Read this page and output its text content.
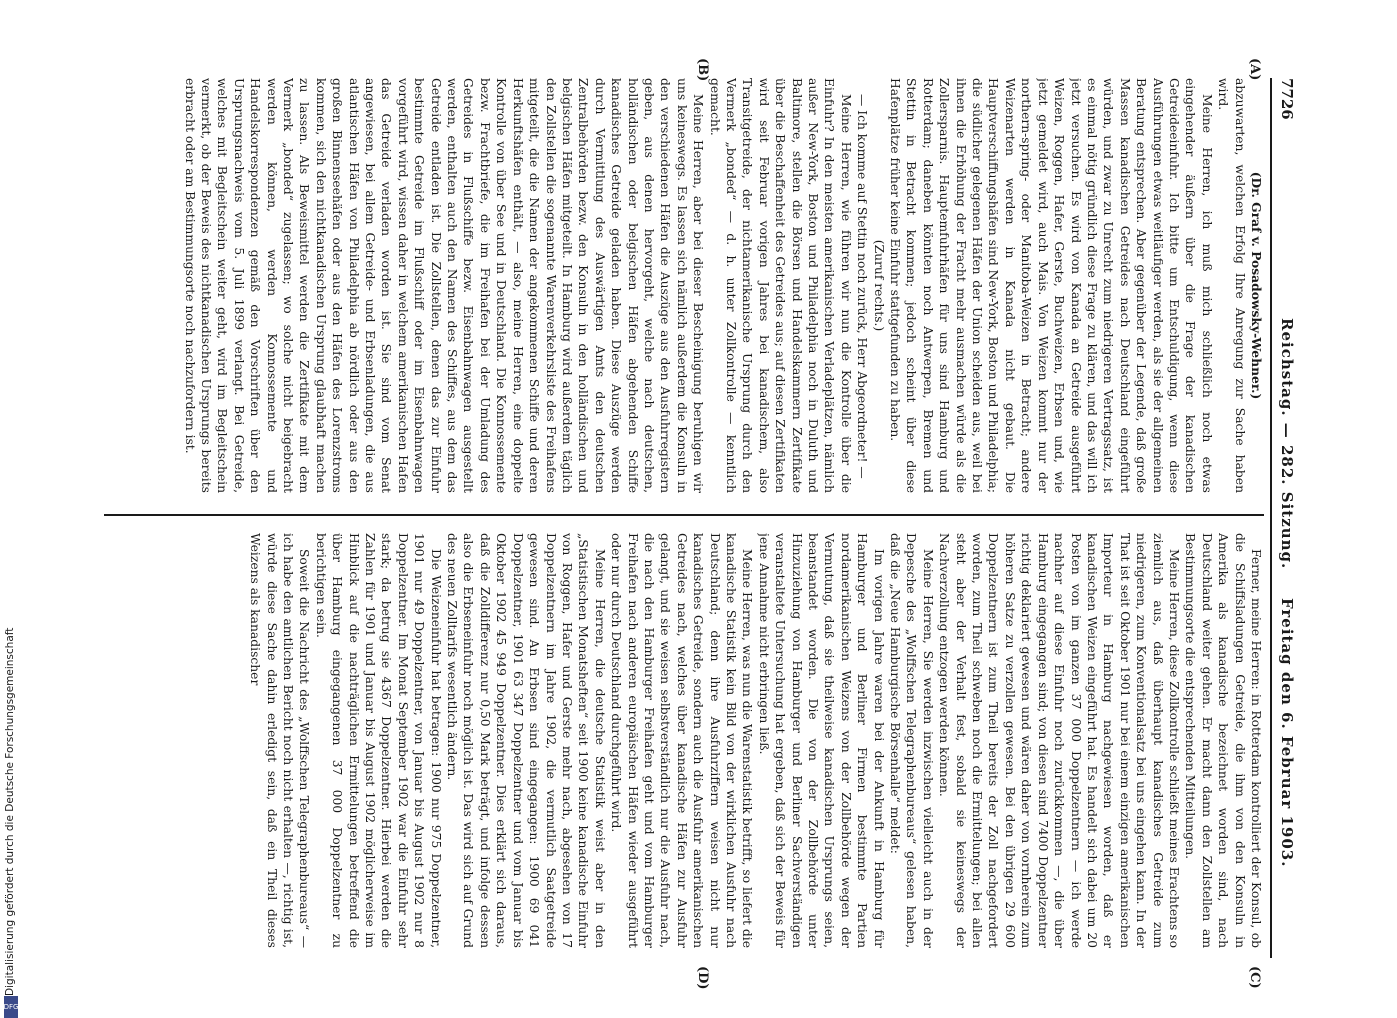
7726
Reichstag. — 282. Sitzung.
Freitag den 6. Februar 1903.
(A)
(B)
(C)
(D)

(Dr. Graf v. Posadowsky-Wehner.)

abzuwarten, welchen Erfolg Ihre Anregung zur Sache haben wird.

Meine Herren, ich muß mich schließlich noch etwas eingehender äußern über die Frage der kanadischen Getreideeinfuhr. Ich bitte um Entschuldigung, wenn diese Ausführungen etwas weitläufiger werden, als sie der allgemeinen Beratung entsprechen. Aber gegenüber der Legende, daß große Massen kanadischen Getreides nach Deutschland eingeführt würden, und zwar zu Unrecht zum niedrigeren Vertragssatz, ist es einmal nötig gründlich diese Frage zu klären, und das will ich jetzt versuchen. Es wird von Kanada an Getreide ausgeführt Weizen, Roggen, Hafer, Gerste, Buchweizen, Erbsen und, wie jetzt gemeldet wird, auch Mais. Von Weizen kommt nur der northern-spring- oder Manitoba-Weizen in Betracht; andere Weizenarten werden in Kanada nicht gebaut. Die Hauptverschiffungshäfen sind New-York, Boston und Philadelphia; die südlicher gelegenen Häfen der Union scheiden aus, weil bei ihnen die Erhöhung der Fracht mehr ausmachen würde als die Zollersparnis. Hauptemfuhrhäfen für uns sind Hamburg und Rotterdam; daneben könnten noch Antwerpen, Bremen und Stettin in Betracht kommen; jedoch scheint über diese Hafenplätze früher keine Einfuhr stattgefunden zu haben.

(Zuruf rechts.)

— Ich komme auf Stettin noch zurück, Herr Abgeordneter! —

Meine Herren, wie führen wir nun die Kontrolle über die Einfuhr? In den meisten amerikanischen Verladeplätzen, nämlich außer New-York, Boston und Philadelphia noch in Duluth und Baltimore, stellen die Börsen und Handelskammern Zertifikate über die Beschaffenheit des Getreides aus; auf diesen Zertifikaten wird seit Februar vorigen Jahres bei kanadischem, also Transitgetreide, der nichtamerikanische Ursprung durch den Vermerk „bonded“ — d. h. unter Zollkontrolle — kenntlich gemacht.

Meine Herren, aber bei dieser Bescheinigung beruhigen wir uns keineswegs. Es lassen sich nämlich außerdem die Konsuln in den verschiedenen Häfen die Auszüge aus den Ausfuhrregistern geben, aus denen hervorgeht, welche nach deutschen, holländischen oder belgischen Häfen abgehenden Schiffe kanadisches Getreide geladen haben. Diese Auszüge werden durch Vermittlung des Auswärtigen Amts den deutschen Zentralbehörden bezw. den Konsuln in den holländischen und belgischen Häfen mitgeteilt. In Hamburg wird außerdem täglich den Zollstellen die sogenannte Warenverkehrsliste des Freihafens mitgeteilt, die die Namen der angekommenen Schiffe und deren Herkunftshäfen enthält, — also, meine Herren, eine doppelte Kontrolle von über See und in Deutschland. Die Konnossemente bezw. Frachtbriefe, die im Freihafen bei der Umladung des Getreides in Flußschiffe bezw. Eisenbahnwagen ausgestellt werden, enthalten auch den Namen des Schiffes, aus dem das Getreide entladen ist. Die Zollstellen, denen das zur Einfuhr bestimmte Getreide im Flußschiff oder im Eisenbahnwagen vorgeführt wird, wissen daher in welchem amerikanischen Hafen das Getreide verladen worden ist. Sie sind vom Senat angewiesen, bei allem Getreide- und Erbsenladungen, die aus atlantischen Häfen von Philadelphia ab nördlich oder aus den großen Binnenseehäfen oder aus den Häfen des Lorenzstroms kommen, sich den nichtkanadischen Ursprung glaubhaft machen zu lassen. Als Beweismittel werden die Zertifikate mit dem Vermerk „bonded“ zugelassen; wo solche nicht beigebracht werden können, werden Konnossemente und Handelskorrespondenzen gemäß den Vorschriften über den Ursprungsnachweis vom 5. Juli 1899 verlangt. Bei Getreide, welches mit Begleitschein weiter geht, wird im Begleitschein vermerkt, ob der Beweis des nichtkanadischen Ursprungs bereits erbracht oder am Bestimmungsorte noch nachzufordern ist.

Ferner, meine Herren: in Rotterdam kontrolliert der Konsul, ob die Schiffsladungen Getreide, die ihm von den Konsuln in Amerika als kanadische bezeichnet worden sind, nach Deutschland weiter gehen. Er macht dann den Zollstellen am Bestimmungsorte die entsprechenden Mitteilungen.

Meine Herren, diese Zollkontrolle schließt meines Erachtens so ziemlich aus, daß überhaupt kanadisches Getreide zum niedrigeren, zum Konventionalsatz bei uns eingehen kann. In der That ist seit Oktober 1901 nur bei einem einzigen amerikanischen Importeur in Hamburg nachgewiesen worden, daß er kanadischen Weizen eingeführt hat. Es handelt sich dabei um 20 Posten von im ganzen 37 000 Doppelzentnern — ich werde nachher auf diese Einfuhr noch zurückkommen —, die über Hamburg eingegangen sind; von diesen sind 7400 Doppelzentner richtig deklariert gewesen und wären daher von vornherein zum höheren Satze zu verzollen gewesen. Bei den übrigen 29 600 Doppelzentnern ist zum Theil bereits der Zoll nachgefordert worden, zum Theil schweben noch die Ermittelungen; bei allen steht aber der Verhalt fest, sobald sie keineswegs der Nachverzollung entzogen werden können.

Meine Herren, Sie werden inzwischen vielleicht auch in der Depesche des „Wolffschen Telegraphenbureaus“ gelesen haben, daß die „Neue Hamburgische Börsenhalle“ meldet:

Im vorigen Jahre waren bei der Ankunft in Hamburg für Hamburger und Berliner Firmen bestimmte Partien nordamerikanischen Weizens von der Zollbehörde wegen der Vermutung, daß sie theilweise kanadischen Ursprungs seien, beanstandet worden. Die von der Zollbehörde unter Hinzuziehung von Hamburger und Berliner Sachverständigen veranstaltete Untersuchung hat ergeben, daß sich der Beweis für jene Annahme nicht erbringen ließ.

Meine Herren, was nun die Warenstatistik betrifft, so liefert die kanadische Statistik kein Bild von der wirklichen Ausfuhr nach Deutschland; denn ihre Ausfuhrziffern weisen nicht nur kanadisches Getreide, sondern auch die Ausfuhr amerikanischen Getreides nach, welches über kanadische Häfen zur Ausfuhr gelangt, und sie weisen selbstverständlich nur die Ausfuhr nach, die nach den Hamburger Freihafen geht und vom Hamburger Freihafen nach anderen europäischen Häfen wieder ausgeführt oder nur durch Deutschland durchgeführt wird.

Meine Herren, die deutsche Statistik weist aber in den „Statistischen Monatsheften“ seit 1900 keine kanadische Einfuhr von Roggen, Hafer und Gerste mehr nach, abgesehen von 17 Doppelzentnern im Jahre 1902, die vermutlich Saatgetreide gewesen sind. An Erbsen sind eingegangen: 1900 69 041 Doppelzentner, 1901 63 347 Doppelzentner und vom Januar bis Oktober 1902 45 949 Doppelzentner. Dies erklärt sich daraus, daß die Zolldifferenz nur 0,50 Mark beträgt, und infolge dessen also die Erbseneinfuhr noch möglich ist. Das wird sich auf Grund des neuen Zolltarifs wesentlich ändern.

Die Weizeneinfuhr hat betragen: 1900 nur 975 Doppelzentner, 1901 nur 49 Doppelzentner, von Januar bis August 1902 nur 8 Doppelzentner. Im Monat September 1902 war die Einfuhr sehr stark; da betrug sie 4367 Doppelzentner. Hierbei werden die Zahlen für 1901 und Januar bis August 1902 möglicherweise im Hinblick auf die nachträglichen Ermittelungen betreffend die über Hamburg eingegangenen 37 000 Doppelzentner zu berichtigen sein.

Soweit die Nachricht des „Wolffschen Telegraphenbureaus“ — ich habe den amtlichen Bericht noch nicht erhalten —, richtig ist, würde diese Sache dahin erledigt sein, daß ein Theil dieses Weizens als kanadischer

DFG
Digitalisierung gefördert durch die Deutsche Forschungsgemeinschaft
